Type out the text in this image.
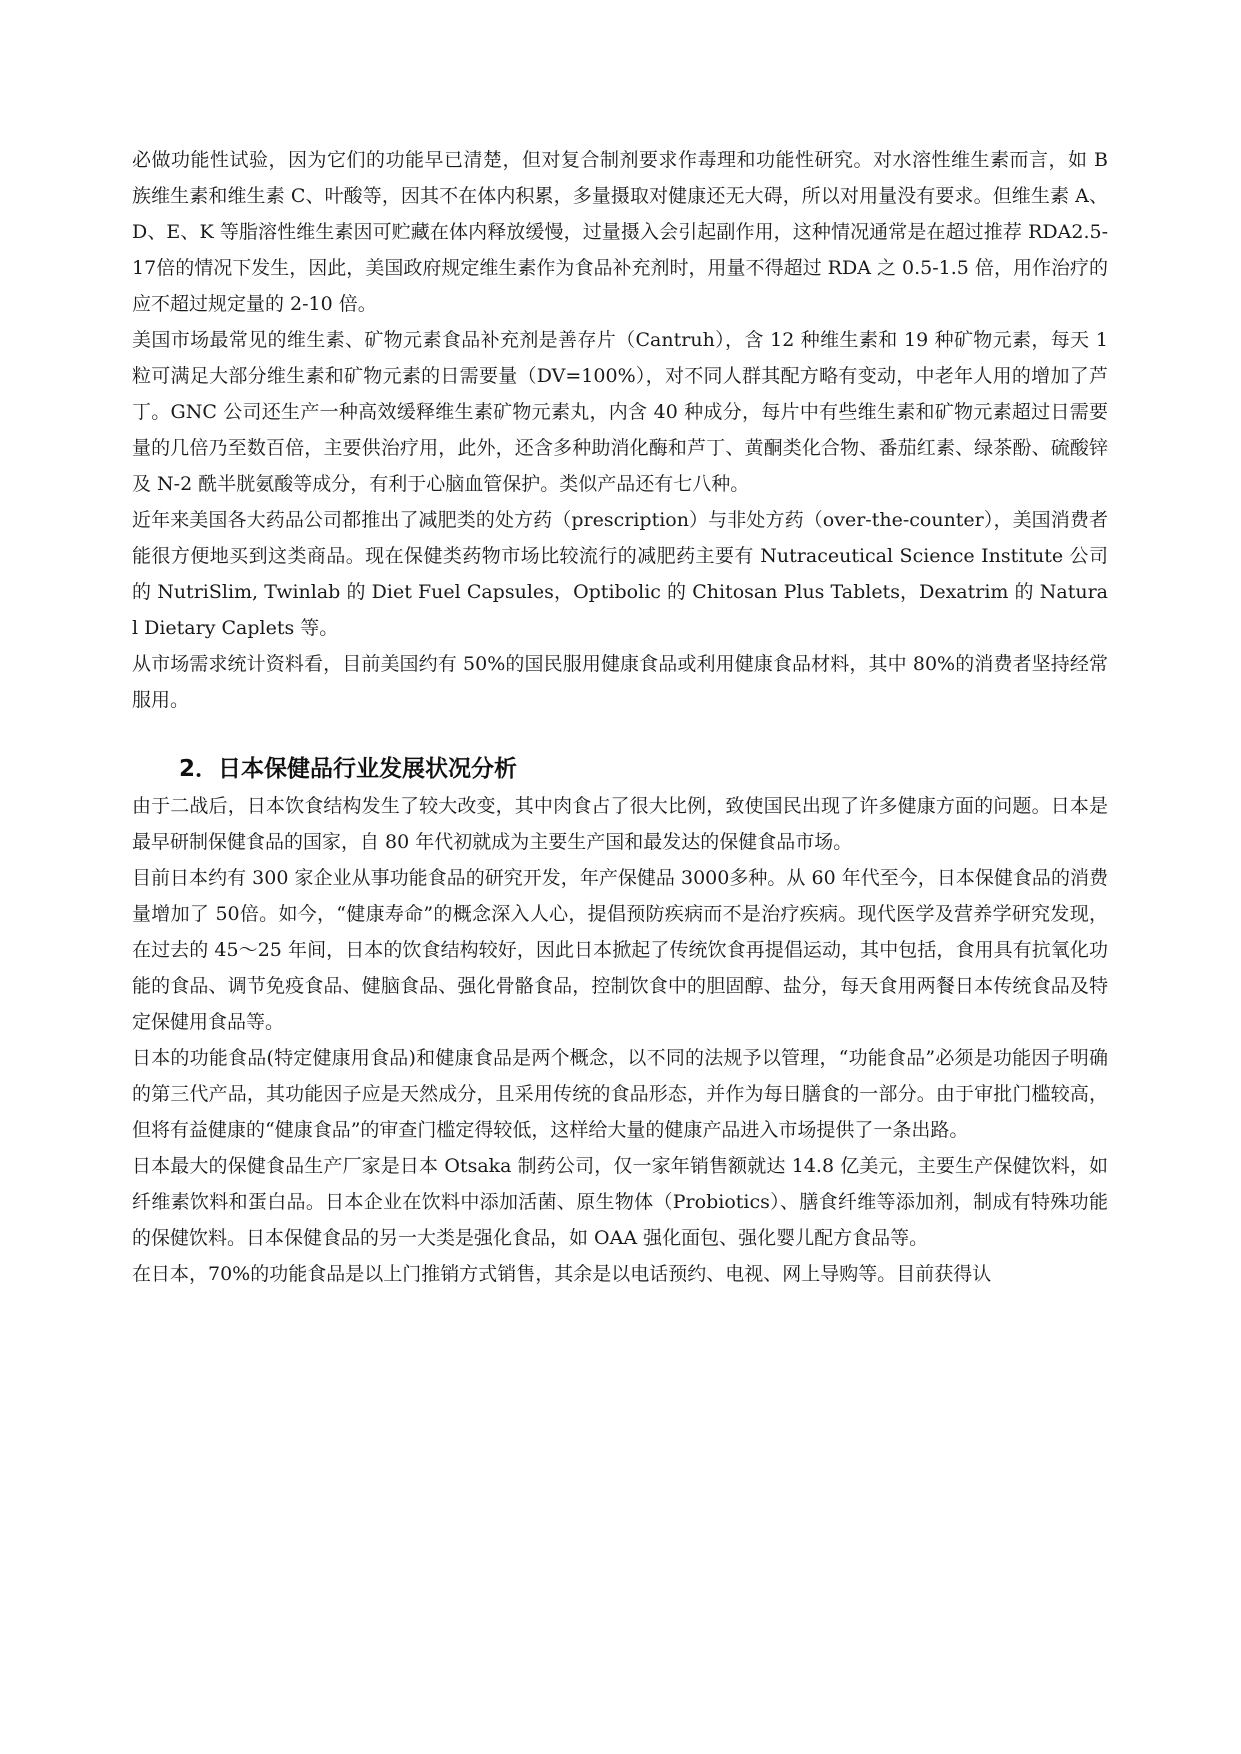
必做功能性试验，因为它们的功能早已清楚，但对复合制剂要求作毒理和功能性研究。对水溶性维生素而言，如 B 族维生素和维生素 C、叶酸等，因其不在体内积累，多量摄取对健康还无大碍，所以对用量没有要求。但维生素 A、D、E、K 等脂溶性维生素因可贮藏在体内释放缓慢，过量摄入会引起副作用，这种情况通常是在超过推荐 RDA2.5-17倍的情况下发生，因此，美国政府规定维生素作为食品补充剂时，用量不得超过 RDA 之 0.5-1.5 倍，用作治疗的应不超过规定量的 2-10 倍。

美国市场最常见的维生素、矿物元素食品补充剂是善存片（Cantruh），含 12 种维生素和 19 种矿物元素，每天 1 粒可满足大部分维生素和矿物元素的日需要量（DV=100%），对不同人群其配方略有变动，中老年人用的增加了芦丁。GNC 公司还生产一种高效缓释维生素矿物元素丸，内含 40 种成分，每片中有些维生素和矿物元素超过日需要量的几倍乃至数百倍，主要供治疗用，此外，还含多种助消化酶和芦丁、黄酮类化合物、番茄红素、绿茶酚、硫酸锌及 N-2 酰半胱氨酸等成分，有利于心脑血管保护。类似产品还有七八种。

近年来美国各大药品公司都推出了减肥类的处方药（prescription）与非处方药（over-the-counter），美国消费者能很方便地买到这类商品。现在保健类药物市场比较流行的减肥药主要有 Nutraceutical Science Institute 公司的 NutriSlim, Twinlab 的 Diet Fuel Capsules，Optibolic 的 Chitosan Plus Tablets，Dexatrim 的 Natural Dietary Caplets 等。

从市场需求统计资料看，目前美国约有 50%的国民服用健康食品或利用健康食品材料，其中 80%的消费者坚持经常服用。

2．日本保健品行业发展状况分析

由于二战后，日本饮食结构发生了较大改变，其中肉食占了很大比例，致使国民出现了许多健康方面的问题。日本是最早研制保健食品的国家，自 80 年代初就成为主要生产国和最发达的保健食品市场。

目前日本约有 300 家企业从事功能食品的研究开发，年产保健品 3000多种。从 60 年代至今，日本保健食品的消费量增加了 50倍。如今，“健康寿命”的概念深入人心，提倡预防疾病而不是治疗疾病。现代医学及营养学研究发现，在过去的 45～25 年间，日本的饮食结构较好，因此日本掀起了传统饮食再提倡运动，其中包括，食用具有抗氧化功能的食品、调节免疫食品、健脑食品、强化骨骼食品，控制饮食中的胆固醇、盐分，每天食用两餐日本传统食品及特定保健用食品等。

日本的功能食品(特定健康用食品)和健康食品是两个概念，以不同的法规予以管理，“功能食品”必须是功能因子明确的第三代产品，其功能因子应是天然成分，且采用传统的食品形态，并作为每日膳食的一部分。由于审批门槛较高，但将有益健康的“健康食品”的审查门槛定得较低，这样给大量的健康产品进入市场提供了一条出路。

日本最大的保健食品生产厂家是日本 Otsaka 制药公司，仅一家年销售额就达 14.8 亿美元，主要生产保健饮料，如纤维素饮料和蛋白品。日本企业在饮料中添加活菌、原生物体（Probiotics）、膳食纤维等添加剂，制成有特殊功能的保健饮料。日本保健食品的另一大类是强化食品，如 OAA 强化面包、强化婴儿配方食品等。

在日本，70%的功能食品是以上门推销方式销售，其余是以电话预约、电视、网上导购等。目前获得认
